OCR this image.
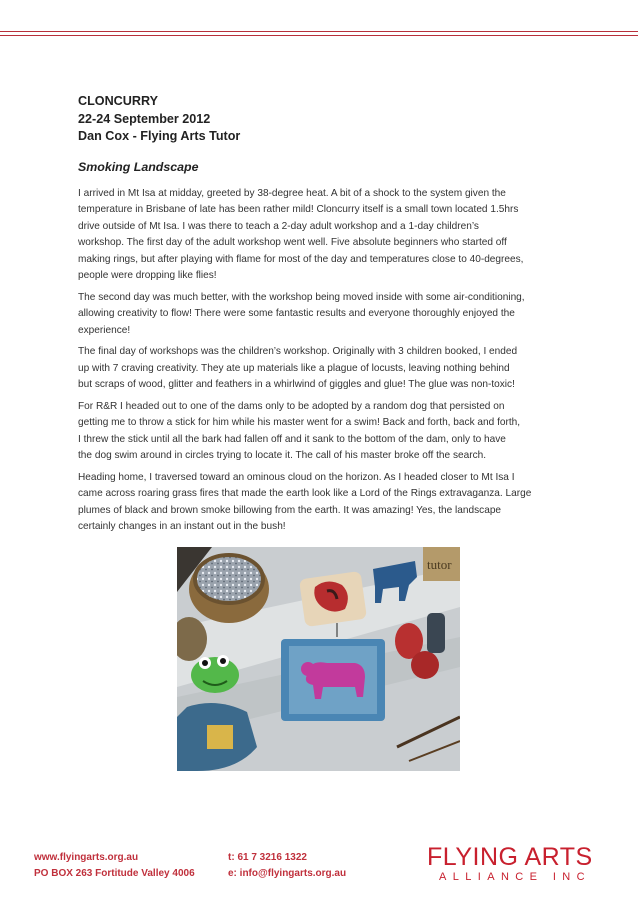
CLONCURRY

22-24 September 2012

Dan Cox - Flying Arts Tutor

Smoking Landscape

I arrived in Mt Isa at midday, greeted by 38-degree heat. A bit of a shock to the system given the
temperature in Brisbane of late has been rather mild! Cloncurry itself is a small town located 1.5hrs
drive outside of Mt Isa. I was there to teach a 2-day adult workshop and a 1-day children’s
workshop. The first day of the adult workshop went well. Five absolute beginners who started off
making rings, but after playing with flame for most of the day and temperatures close to 40-degrees,
people were dropping like flies!
The second day was much better, with the workshop being moved inside with some air-conditioning,
allowing creativity to flow! There were some fantastic results and everyone thoroughly enjoyed the
experience!
The final day of workshops was the children’s workshop. Originally with 3 children booked, I ended
up with 7 craving creativity. They ate up materials like a plague of locusts, leaving nothing behind
but scraps of wood, glitter and feathers in a whirlwind of giggles and glue! The glue was non-toxic!
For R&R I headed out to one of the dams only to be adopted by a random dog that persisted on
getting me to throw a stick for him while his master went for a swim! Back and forth, back and forth,
I threw the stick until all the bark had fallen off and it sank to the bottom of the dam, only to have
the dog swim around in circles trying to locate it. The call of his master broke off the search.
Heading home, I traversed toward an ominous cloud on the horizon. As I headed closer to Mt Isa I
came across roaring grass fires that made the earth look like a Lord of the Rings extravaganza. Large
plumes of black and brown smoke billowing from the earth. It was amazing! Yes, the landscape
certainly changes in an instant out in the bush!
tutor
www.flyingarts.org.au
PO BOX 263 Fortitude Valley 4006
t: 61 7 3216 1322
e: info@flyingarts.org.au
FLYING ARTS
ALLIANCE INC
